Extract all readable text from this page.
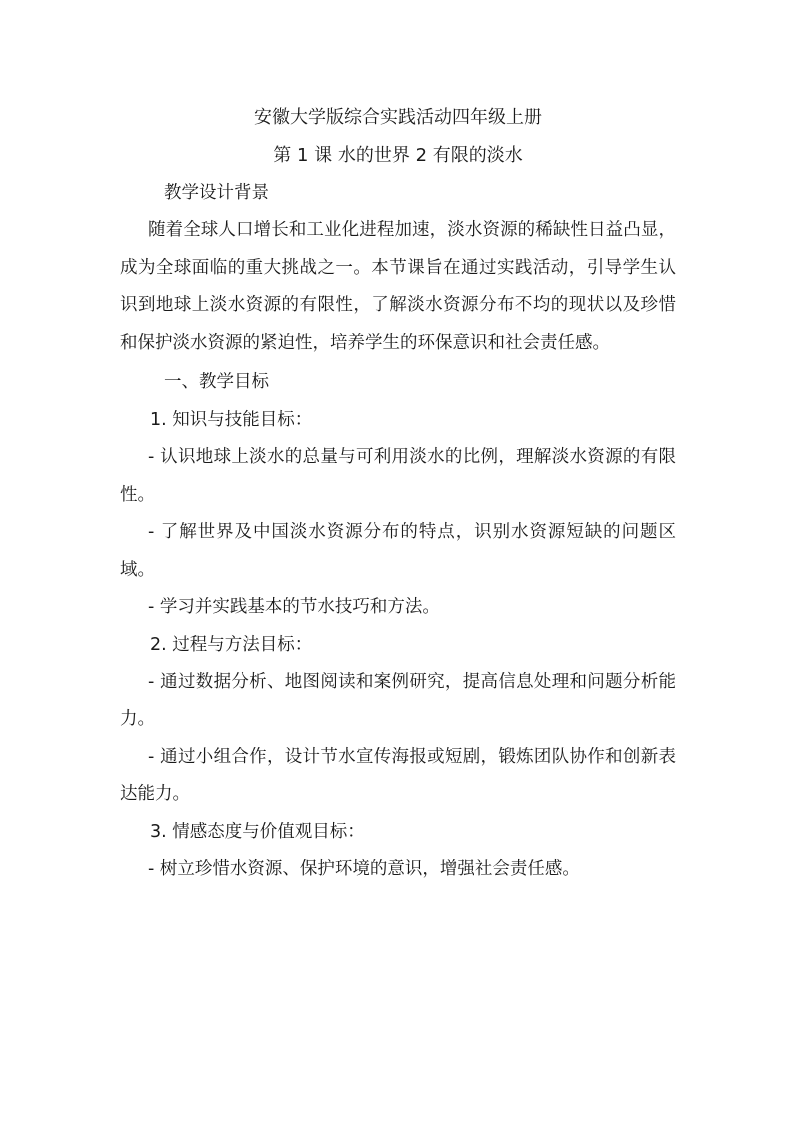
安徽大学版综合实践活动四年级上册

第 1 课 水的世界 2 有限的淡水

教学设计背景

随着全球人口增长和工业化进程加速，淡水资源的稀缺性日益凸显，成为全球面临的重大挑战之一。本节课旨在通过实践活动，引导学生认识到地球上淡水资源的有限性，了解淡水资源分布不均的现状以及珍惜和保护淡水资源的紧迫性，培养学生的环保意识和社会责任感。

一、教学目标

1. 知识与技能目标：

- 认识地球上淡水的总量与可利用淡水的比例，理解淡水资源的有限性。

- 了解世界及中国淡水资源分布的特点，识别水资源短缺的问题区域。

- 学习并实践基本的节水技巧和方法。

2. 过程与方法目标：

- 通过数据分析、地图阅读和案例研究，提高信息处理和问题分析能力。

- 通过小组合作，设计节水宣传海报或短剧，锻炼团队协作和创新表达能力。

3. 情感态度与价值观目标：

- 树立珍惜水资源、保护环境的意识，增强社会责任感。
